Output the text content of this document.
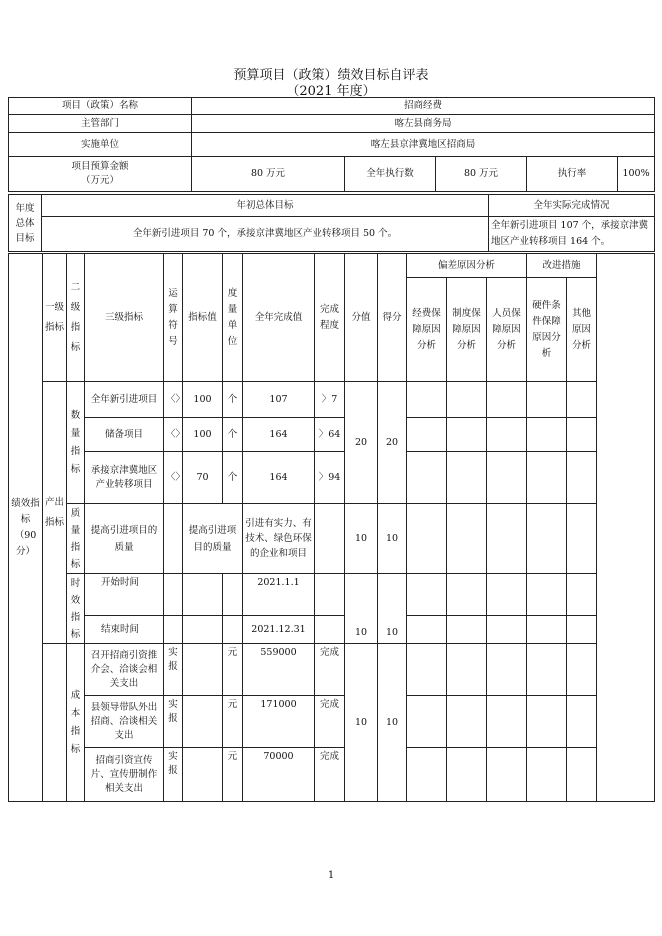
预算项目（政策）绩效目标自评表
（2021 年度）
项目（政策）名称	招商经费				
主管部门	喀左县商务局				
实施单位	喀左县京津冀地区招商局				

项目预算金额
（万元）	80 万元	全年执行数	80 万元	执行率	100%
年度总体目标	年初总体目标	全年实际完成情况
	全年新引进项目 70 个，承接京津冀地区产业转移项目 50 个。	全年新引进项目 107 个，承接京津冀地区产业转移项目 164 个。
绩效指标（90分）	一级指标	二级指标	三级指标	运算符号	指标值	度量单位	全年完成值	完成程度	分值	得分	偏差原因分析			改进措施		
											经费保障原因分析	制度保障原因分析	人员保障原因分析	硬件条件保障原因分析	其他原因分析	
	产出指标	数量指标	全年新引进项目	〈〉	100	个	107	〉7	20	20						
			储备项目	〈〉	100	个	164	〉64								
			承接京津冀地区产业转移项目	〈〉	70	个	164	〉94								
		质量指标	提高引进项目的质量		提高引进项目的质量		引进有实力、有技术、绿色环保的企业和项目		10	10						
		时效指标	开始时间				2021.1.1		10	10						
			结束时间				2021.12.31									
		成本指标	召开招商引资推介会、洽谈会相关支出	实报		元	559000	完成	10	10						
			县领导带队外出招商、洽谈相关支出	实报		元	171000	完成								
			招商引资宣传片、宣传册制作相关支出	实报		元	70000	完成								
1
